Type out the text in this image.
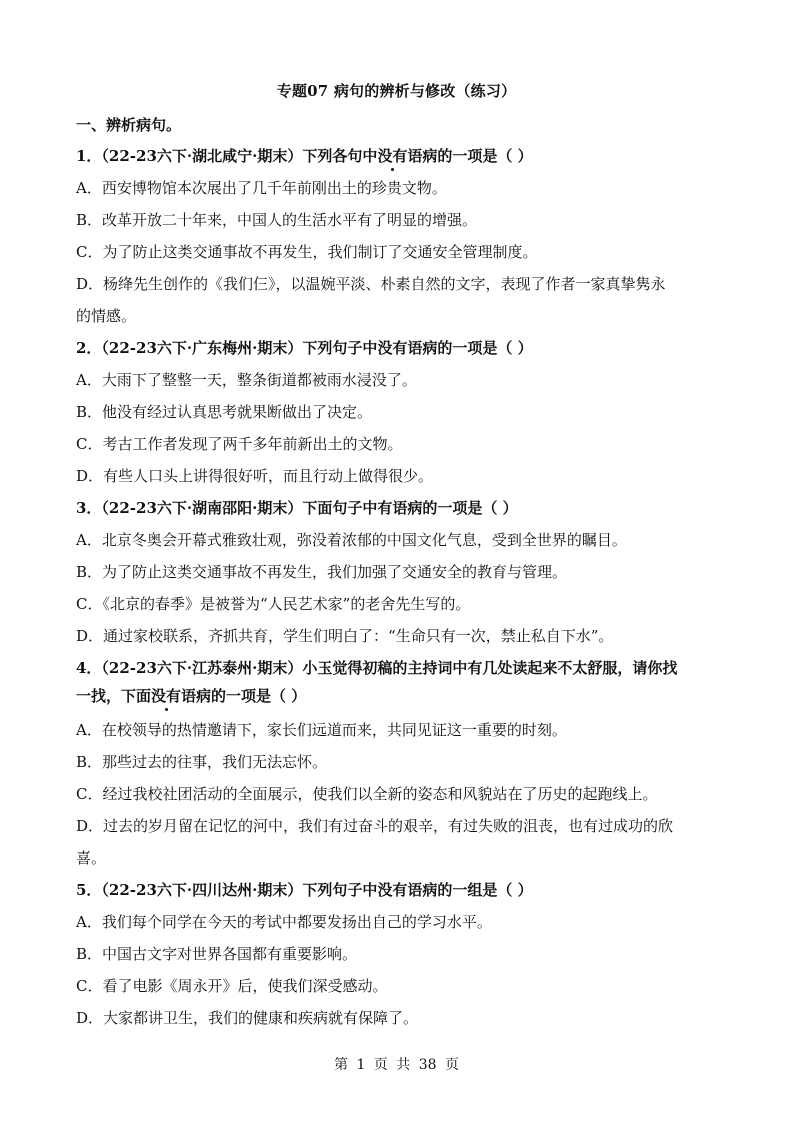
专题07 病句的辨析与修改（练习）
一、辨析病句。
1．（22-23六下·湖北咸宁·期末）下列各句中没有语病的一项是（ ）
A．西安博物馆本次展出了几千年前刚出土的珍贵文物。
B．改革开放二十年来，中国人的生活水平有了明显的增强。
C．为了防止这类交通事故不再发生，我们制订了交通安全管理制度。
D．杨绛先生创作的《我们仨》，以温婉平淡、朴素自然的文字，表现了作者一家真挚隽永
的情感。
2．（22-23六下·广东梅州·期末）下列句子中没有语病的一项是（ ）
A．大雨下了整整一天，整条街道都被雨水浸没了。
B．他没有经过认真思考就果断做出了决定。
C．考古工作者发现了两千多年前新出土的文物。
D．有些人口头上讲得很好听，而且行动上做得很少。
3．（22-23六下·湖南邵阳·期末）下面句子中有语病的一项是（ ）
A．北京冬奥会开幕式雅致壮观，弥没着浓郁的中国文化气息，受到全世界的瞩目。
B．为了防止这类交通事故不再发生，我们加强了交通安全的教育与管理。
C．《北京的春季》是被誉为“人民艺术家”的老舍先生写的。
D．通过家校联系，齐抓共育，学生们明白了：“生命只有一次，禁止私自下水”。
4．（22-23六下·江苏泰州·期末）小玉觉得初稿的主持词中有几处读起来不太舒服，请你找
一找，下面没有语病的一项是（ ）
A．在校领导的热情邀请下，家长们远道而来，共同见证这一重要的时刻。
B．那些过去的往事，我们无法忘怀。
C．经过我校社团活动的全面展示，使我们以全新的姿态和风貌站在了历史的起跑线上。
D．过去的岁月留在记忆的河中，我们有过奋斗的艰辛，有过失败的沮丧，也有过成功的欣
喜。
5．（22-23六下·四川达州·期末）下列句子中没有语病的一组是（ ）
A．我们每个同学在今天的考试中都要发扬出自己的学习水平。
B．中国古文字对世界各国都有重要影响。
C．看了电影《周永开》后，使我们深受感动。
D．大家都讲卫生，我们的健康和疾病就有保障了。
第 1 页 共 38 页
